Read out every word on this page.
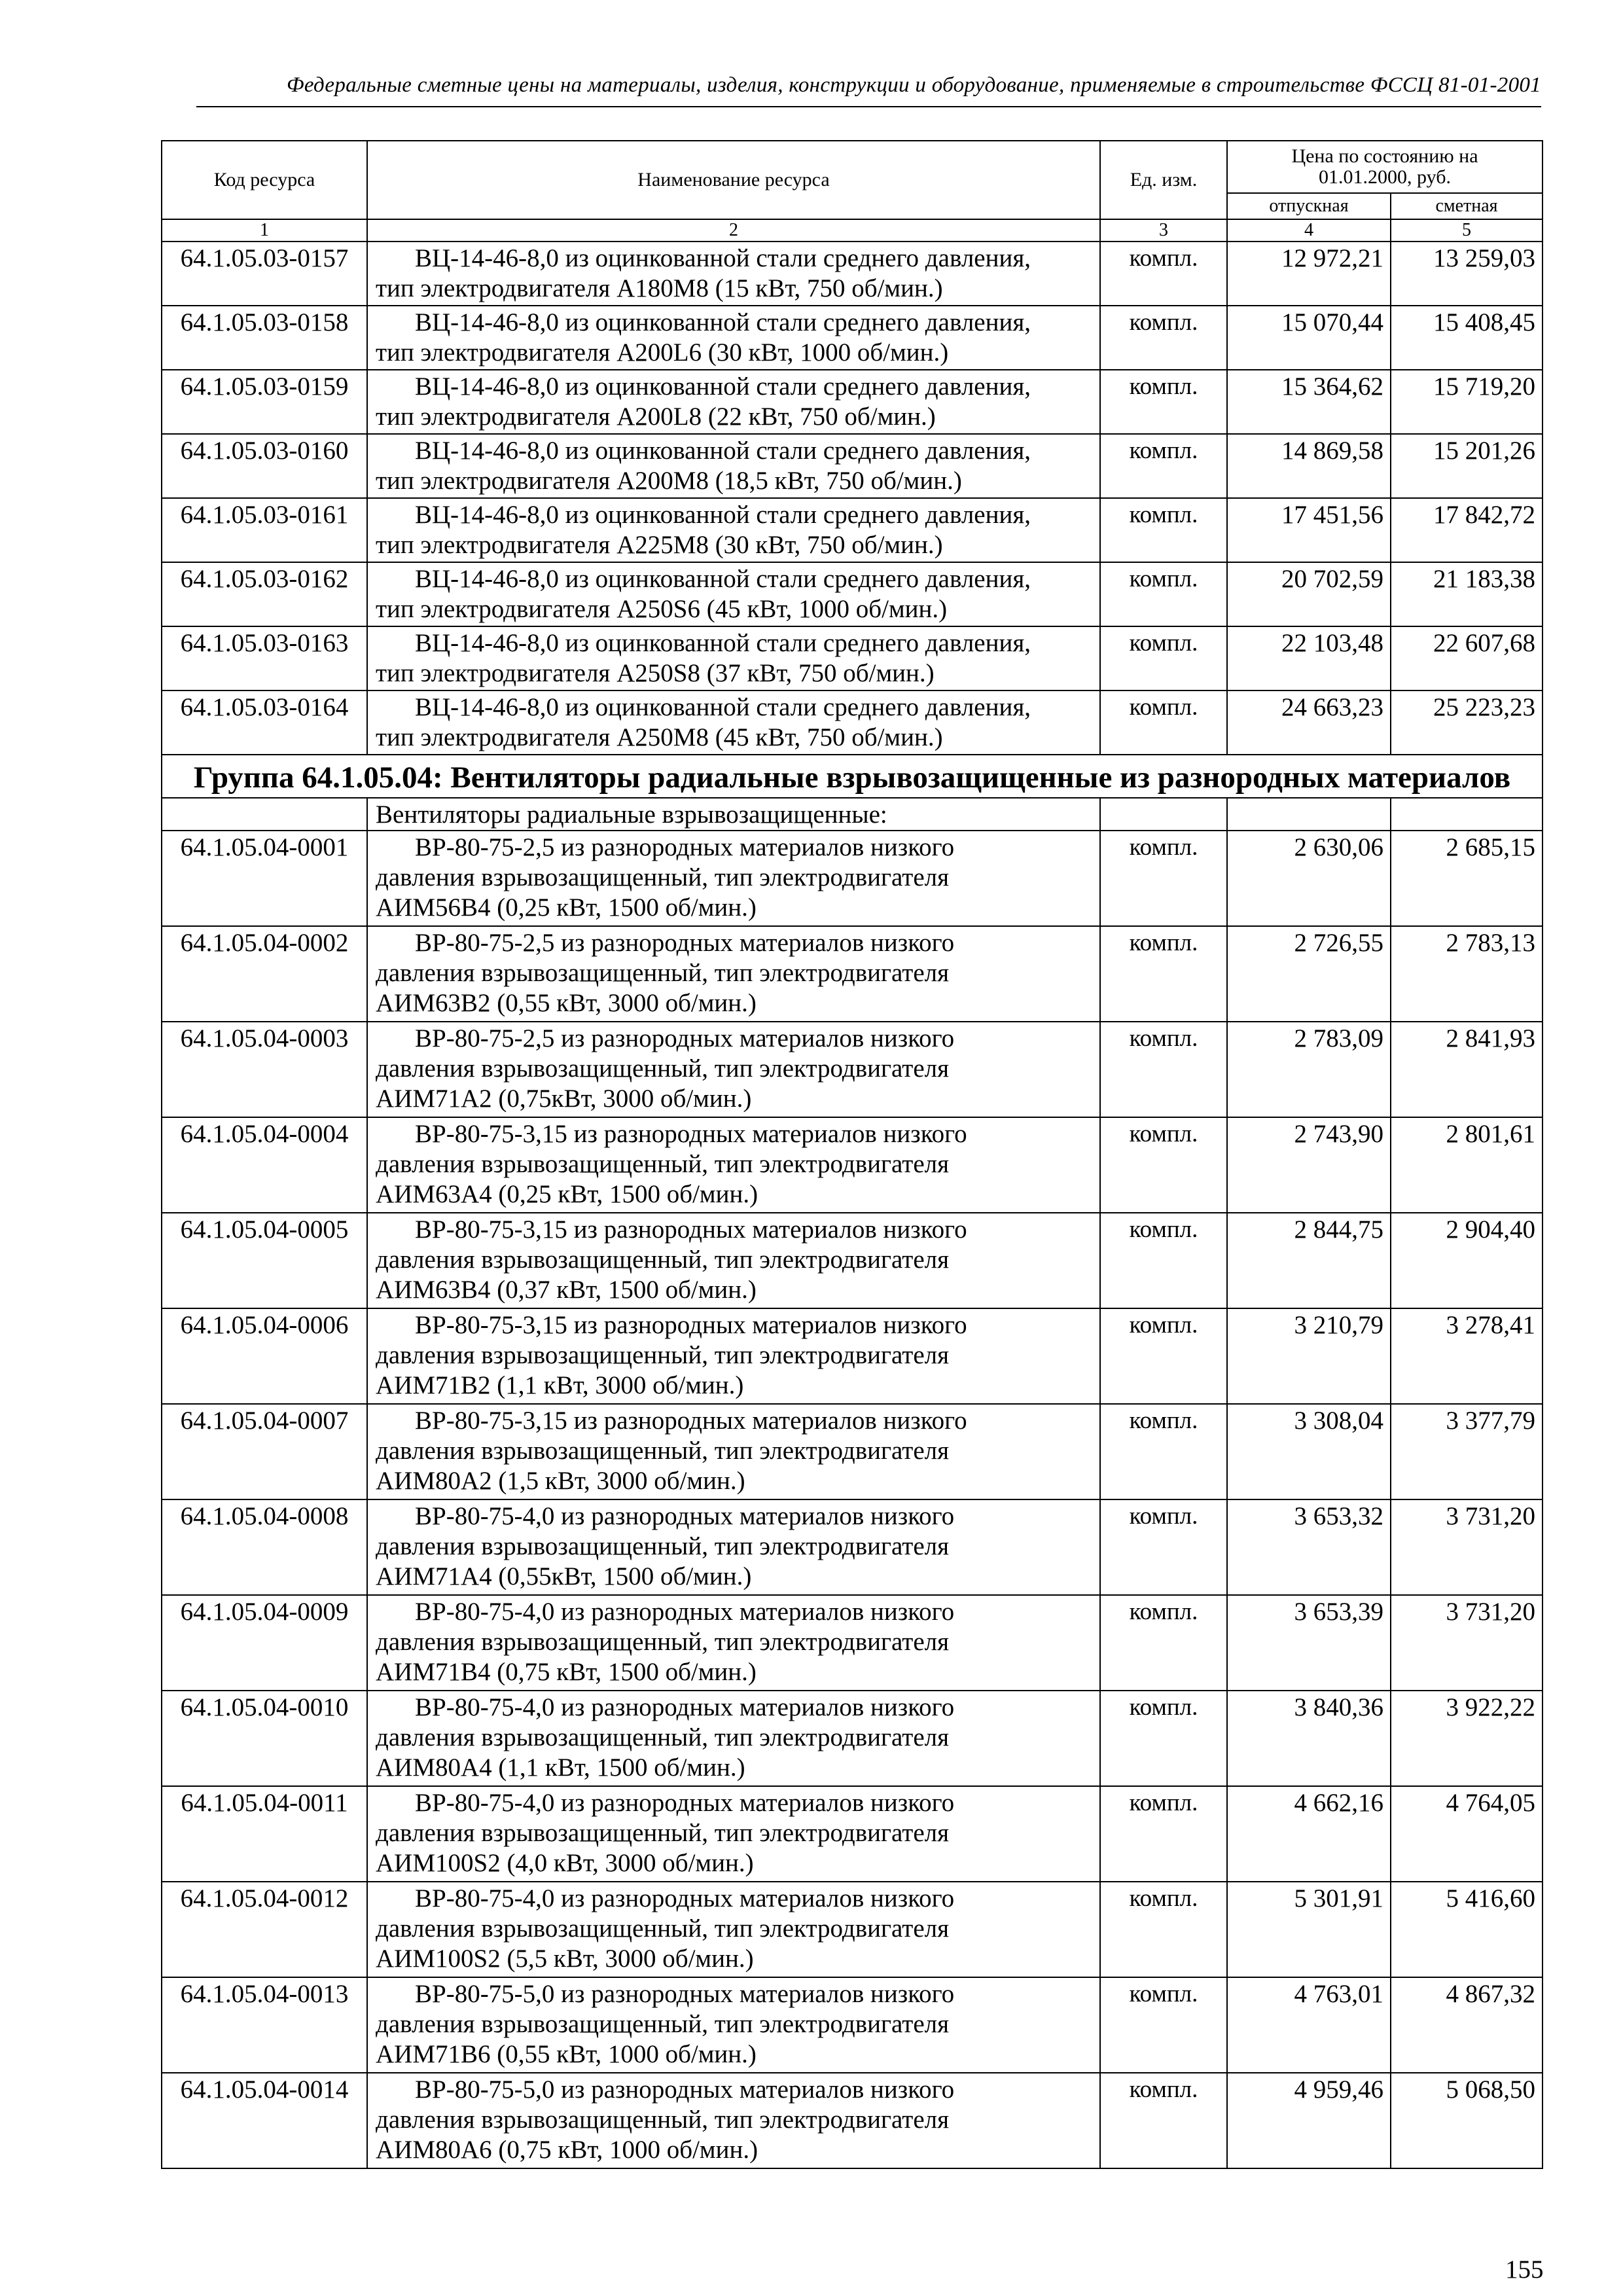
Федеральные сметные цены на материалы, изделия, конструкции и оборудование, применяемые в строительстве ФССЦ 81-01-2001
Код ресурса	Наименование ресурса	Ед. изм.	Цена по состоянию на 01.01.2000, руб.	
			отпускная	сметная
1	2	3	4	5
64.1.05.03-0157	ВЦ-14-46-8,0 из оцинкованной стали среднего давления,
тип электродвигателя А180М8 (15 кВт, 750 об/мин.)	компл.	12 972,21	13 259,03
64.1.05.03-0158	ВЦ-14-46-8,0 из оцинкованной стали среднего давления,
тип электродвигателя А200L6 (30 кВт, 1000 об/мин.)	компл.	15 070,44	15 408,45
64.1.05.03-0159	ВЦ-14-46-8,0 из оцинкованной стали среднего давления,
тип электродвигателя А200L8 (22 кВт, 750 об/мин.)	компл.	15 364,62	15 719,20
64.1.05.03-0160	ВЦ-14-46-8,0 из оцинкованной стали среднего давления,
тип электродвигателя А200М8 (18,5 кВт, 750 об/мин.)	компл.	14 869,58	15 201,26
64.1.05.03-0161	ВЦ-14-46-8,0 из оцинкованной стали среднего давления,
тип электродвигателя А225М8 (30 кВт, 750 об/мин.)	компл.	17 451,56	17 842,72
64.1.05.03-0162	ВЦ-14-46-8,0 из оцинкованной стали среднего давления,
тип электродвигателя А250S6 (45 кВт, 1000 об/мин.)	компл.	20 702,59	21 183,38
64.1.05.03-0163	ВЦ-14-46-8,0 из оцинкованной стали среднего давления,
тип электродвигателя А250S8 (37 кВт, 750 об/мин.)	компл.	22 103,48	22 607,68
64.1.05.03-0164	ВЦ-14-46-8,0 из оцинкованной стали среднего давления,
тип электродвигателя А250М8 (45 кВт, 750 об/мин.)	компл.	24 663,23	25 223,23
Группа 64.1.05.04: Вентиляторы радиальные взрывозащищенные из разнородных материалов				
	Вентиляторы радиальные взрывозащищенные:			
64.1.05.04-0001	ВР-80-75-2,5 из разнородных материалов низкого
давления взрывозащищенный, тип электродвигателя
АИМ56В4 (0,25 кВт, 1500 об/мин.)	компл.	2 630,06	2 685,15
64.1.05.04-0002	ВР-80-75-2,5 из разнородных материалов низкого
давления взрывозащищенный, тип электродвигателя
АИМ63В2 (0,55 кВт, 3000 об/мин.)	компл.	2 726,55	2 783,13
64.1.05.04-0003	ВР-80-75-2,5 из разнородных материалов низкого
давления взрывозащищенный, тип электродвигателя
АИМ71А2 (0,75кВт, 3000 об/мин.)	компл.	2 783,09	2 841,93
64.1.05.04-0004	ВР-80-75-3,15 из разнородных материалов низкого
давления взрывозащищенный, тип электродвигателя
АИМ63А4 (0,25 кВт, 1500 об/мин.)	компл.	2 743,90	2 801,61
64.1.05.04-0005	ВР-80-75-3,15 из разнородных материалов низкого
давления взрывозащищенный, тип электродвигателя
АИМ63В4 (0,37 кВт, 1500 об/мин.)	компл.	2 844,75	2 904,40
64.1.05.04-0006	ВР-80-75-3,15 из разнородных материалов низкого
давления взрывозащищенный, тип электродвигателя
АИМ71В2 (1,1 кВт, 3000 об/мин.)	компл.	3 210,79	3 278,41
64.1.05.04-0007	ВР-80-75-3,15 из разнородных материалов низкого
давления взрывозащищенный, тип электродвигателя
АИМ80А2 (1,5 кВт, 3000 об/мин.)	компл.	3 308,04	3 377,79
64.1.05.04-0008	ВР-80-75-4,0 из разнородных материалов низкого
давления взрывозащищенный, тип электродвигателя
АИМ71А4 (0,55кВт, 1500 об/мин.)	компл.	3 653,32	3 731,20
64.1.05.04-0009	ВР-80-75-4,0 из разнородных материалов низкого
давления взрывозащищенный, тип электродвигателя
АИМ71В4 (0,75 кВт, 1500 об/мин.)	компл.	3 653,39	3 731,20
64.1.05.04-0010	ВР-80-75-4,0 из разнородных материалов низкого
давления взрывозащищенный, тип электродвигателя
АИМ80А4 (1,1 кВт, 1500 об/мин.)	компл.	3 840,36	3 922,22
64.1.05.04-0011	ВР-80-75-4,0 из разнородных материалов низкого
давления взрывозащищенный, тип электродвигателя
АИМ100S2 (4,0 кВт, 3000 об/мин.)	компл.	4 662,16	4 764,05
64.1.05.04-0012	ВР-80-75-4,0 из разнородных материалов низкого
давления взрывозащищенный, тип электродвигателя
АИМ100S2 (5,5 кВт, 3000 об/мин.)	компл.	5 301,91	5 416,60
64.1.05.04-0013	ВР-80-75-5,0 из разнородных материалов низкого
давления взрывозащищенный, тип электродвигателя
АИМ71В6 (0,55 кВт, 1000 об/мин.)	компл.	4 763,01	4 867,32
64.1.05.04-0014	ВР-80-75-5,0 из разнородных материалов низкого
давления взрывозащищенный, тип электродвигателя
АИМ80А6 (0,75 кВт, 1000 об/мин.)	компл.	4 959,46	5 068,50
155
